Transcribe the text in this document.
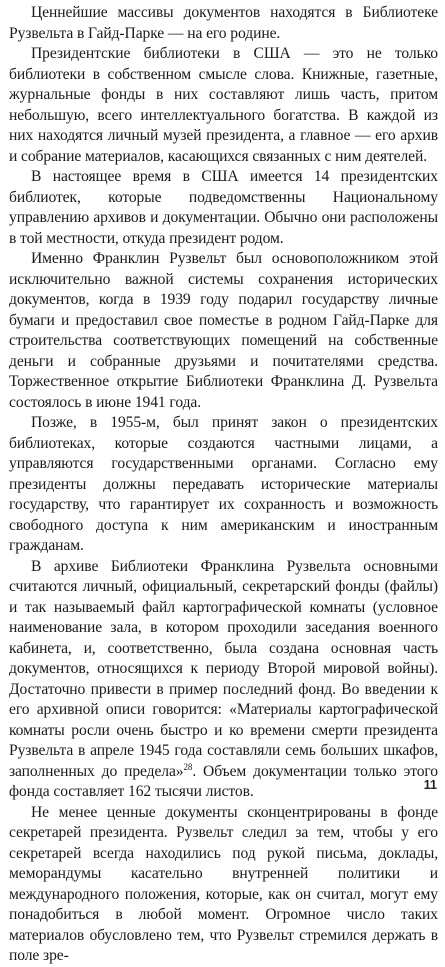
Ценнейшие массивы документов находятся в Библиотеке Рузвельта в Гайд-Парке — на его родине.

Президентские библиотеки в США — это не только библиотеки в собственном смысле слова. Книжные, газетные, журнальные фонды в них составляют лишь часть, притом небольшую, всего интеллектуального богатства. В каждой из них находятся личный музей президента, а главное — его архив и собрание материалов, касающихся связанных с ним деятелей.

В настоящее время в США имеется 14 президентских библиотек, которые подведомственны Национальному управлению архивов и документации. Обычно они расположены в той местности, откуда президент родом.

Именно Франклин Рузвельт был основоположником этой исключительно важной системы сохранения исторических документов, когда в 1939 году подарил государству личные бумаги и предоставил свое поместье в родном Гайд-Парке для строительства соответствующих помещений на собственные деньги и собранные друзьями и почитателями средства. Торжественное открытие Библиотеки Франклина Д. Рузвельта состоялось в июне 1941 года.

Позже, в 1955-м, был принят закон о президентских библиотеках, которые создаются частными лицами, а управляются государственными органами. Согласно ему президенты должны передавать исторические материалы государству, что гарантирует их сохранность и возможность свободного доступа к ним американским и иностранным гражданам.

В архиве Библиотеки Франклина Рузвельта основными считаются личный, официальный, секретарский фонды (файлы) и так называемый файл картографической комнаты (условное наименование зала, в котором проходили заседания военного кабинета, и, соответственно, была создана основная часть документов, относящихся к периоду Второй мировой войны). Достаточно привести в пример последний фонд. Во введении к его архивной описи говорится: «Материалы картографической комнаты росли очень быстро и ко времени смерти президента Рузвельта в апреле 1945 года составляли семь больших шкафов, заполненных до предела»$^{28}$. Объем документации только этого фонда составляет 162 тысячи листов.

Не менее ценные документы сконцентрированы в фонде секретарей президента. Рузвельт следил за тем, чтобы у его секретарей всегда находились под рукой письма, доклады, меморандумы касательно внутренней политики и международного положения, которые, как он считал, могут ему понадобиться в любой момент. Огромное число таких материалов обусловлено тем, что Рузвельт стремился держать в поле зре-

11
